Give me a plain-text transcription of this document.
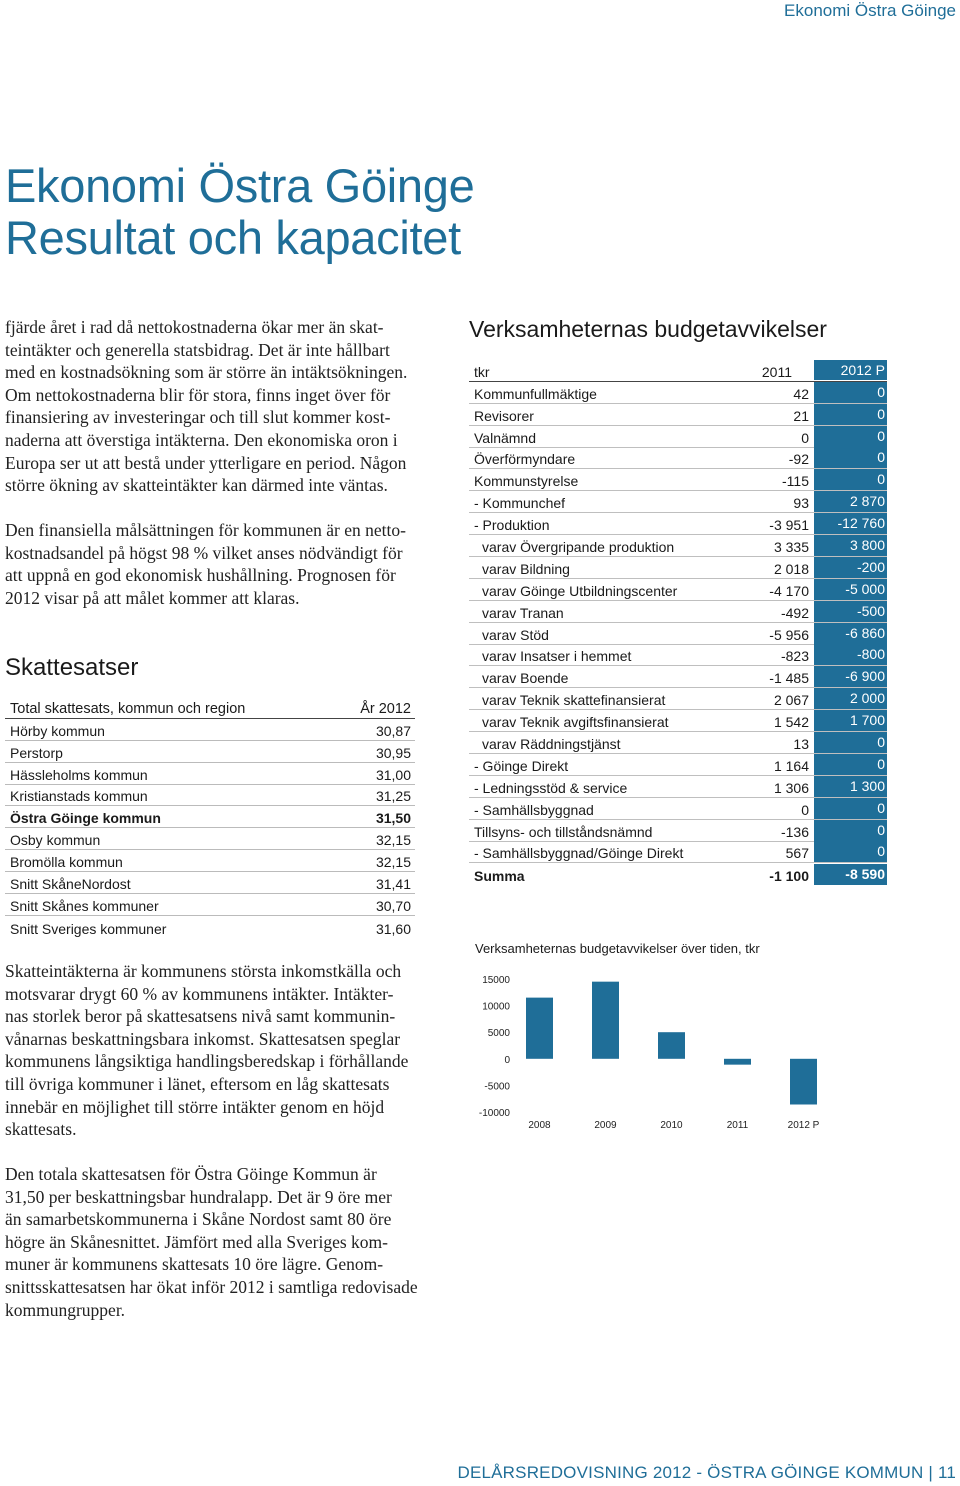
Ekonomi Östra Göinge
Ekonomi Östra Göinge
Resultat och kapacitet

fjärde året i rad då nettokostnaderna ökar mer än skat-

teintäkter och generella statsbidrag. Det är inte hållbart

med en kostnadsökning som är större än intäktsökningen.

Om nettokostnaderna blir för stora, finns inget över för

finansiering av investeringar och till slut kommer kost-

naderna att överstiga intäkterna. Den ekonomiska oron i

Europa ser ut att bestå under ytterligare en period. Någon

större ökning av skatteintäkter kan därmed inte väntas.

Den finansiella målsättningen för kommunen är en netto-

kostnadsandel på högst 98 % vilket anses nödvändigt för

att uppnå en god ekonomisk hushållning. Prognosen för

2012 visar på att målet kommer att klaras.

Skattesatser
Total skattesats, kommun och region	År 2012
Hörby kommun	30,87
Perstorp	30,95
Hässleholms kommun	31,00
Kristianstads kommun	31,25
Östra Göinge kommun	31,50
Osby kommun	32,15
Bromölla kommun	32,15
Snitt SkåneNordost	31,41
Snitt Skånes kommuner	30,70
Snitt Sveriges kommuner	31,60

Skatteintäkterna är kommunens största inkomstkälla och

motsvarar drygt 60 % av kommunens intäkter. Intäkter-

nas storlek beror på skattesatsens nivå samt kommunin-

vånarnas beskattningsbara inkomst. Skattesatsen speglar

kommunens långsiktiga handlingsberedskap i förhållande

till övriga kommuner i länet, eftersom en låg skattesats

innebär en möjlighet till större intäkter genom en höjd

skattesats.

Den totala skattesatsen för Östra Göinge Kommun är

31,50 per beskattningsbar hundralapp. Det är 9 öre mer

än samarbetskommunerna i Skåne Nordost samt 80 öre

högre än Skånesnittet. Jämfört med alla Sveriges kom-

muner är kommunens skattesats 10 öre lägre. Genom-

snittsskattesatsen har ökat inför 2012 i samtliga redovisade

kommungrupper.

Verksamheternas budgetavvikelser
tkr	2011	2012 P
Kommunfullmäktige	42	0
Revisorer	21	0
Valnämnd	0	0
Överförmyndare	-92	0
Kommunstyrelse	-115	0
- Kommunchef	93	2 870
- Produktion	-3 951	-12 760
varav Övergripande produktion	3 335	3 800
varav Bildning	2 018	-200
varav Göinge Utbildningscenter	-4 170	-5 000
varav Tranan	-492	-500
varav Stöd	-5 956	-6 860
varav Insatser i hemmet	-823	-800
varav Boende	-1 485	-6 900
varav Teknik skattefinansierat	2 067	2 000
varav Teknik avgiftsfinansierat	1 542	1 700
varav Räddningstjänst	13	0
- Göinge Direkt	1 164	0
- Ledningsstöd & service	1 306	1 300
- Samhällsbyggnad	0	0
Tillsyns- och tillståndsnämnd	-136	0
- Samhällsbyggnad/Göinge Direkt	567	0
Summa	-1 100	-8 590
Verksamheternas budgetavvikelser över tiden, tkr
15000
10000
5000
0
-5000
-10000
2008	2009	2010	2011	2012 P
DELÅRSREDOVISNING 2012 - ÖSTRA GÖINGE KOMMUN | 11
